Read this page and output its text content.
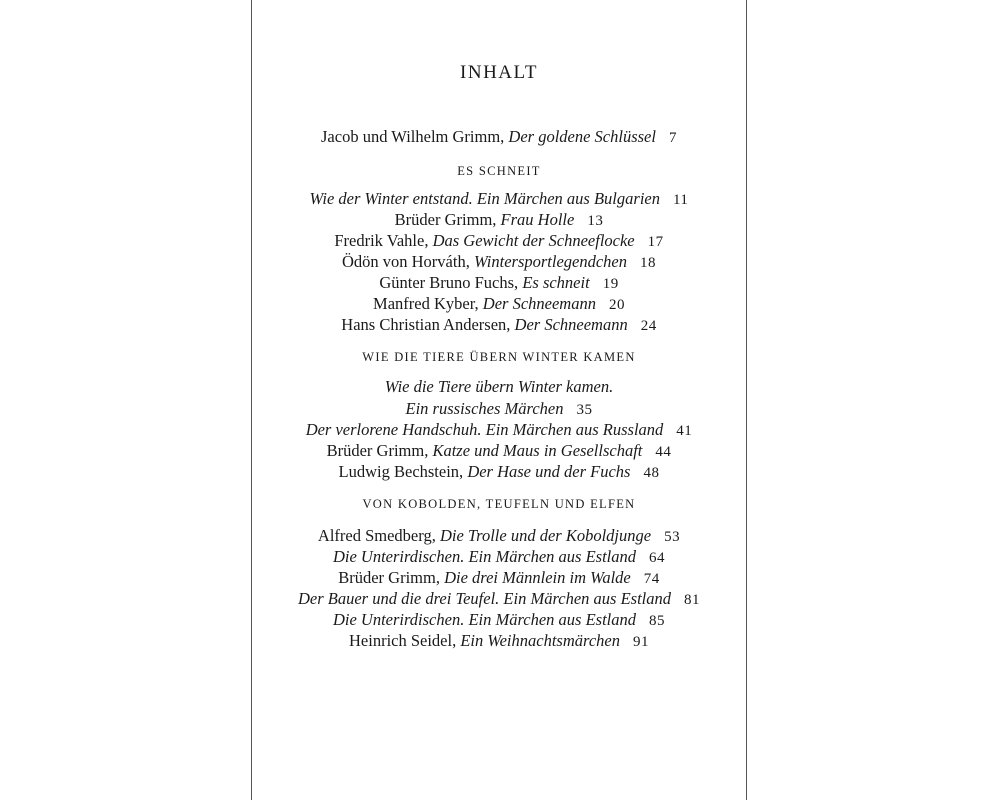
INHALT
Jacob und Wilhelm Grimm, Der goldene Schlüssel 7
ES SCHNEIT
Wie der Winter entstand. Ein Märchen aus Bulgarien 11
Brüder Grimm, Frau Holle 13
Fredrik Vahle, Das Gewicht der Schneeflocke 17
Ödön von Horváth, Wintersportlegendchen 18
Günter Bruno Fuchs, Es schneit 19
Manfred Kyber, Der Schneemann 20
Hans Christian Andersen, Der Schneemann 24
WIE DIE TIERE ÜBERN WINTER KAMEN
Wie die Tiere übern Winter kamen.
Ein russisches Märchen 35
Der verlorene Handschuh. Ein Märchen aus Russland 41
Brüder Grimm, Katze und Maus in Gesellschaft 44
Ludwig Bechstein, Der Hase und der Fuchs 48
VON KOBOLDEN, TEUFELN UND ELFEN
Alfred Smedberg, Die Trolle und der Koboldjunge 53
Die Unterirdischen. Ein Märchen aus Estland 64
Brüder Grimm, Die drei Männlein im Walde 74
Der Bauer und die drei Teufel. Ein Märchen aus Estland 81
Die Unterirdischen. Ein Märchen aus Estland 85
Heinrich Seidel, Ein Weihnachtsmärchen 91
